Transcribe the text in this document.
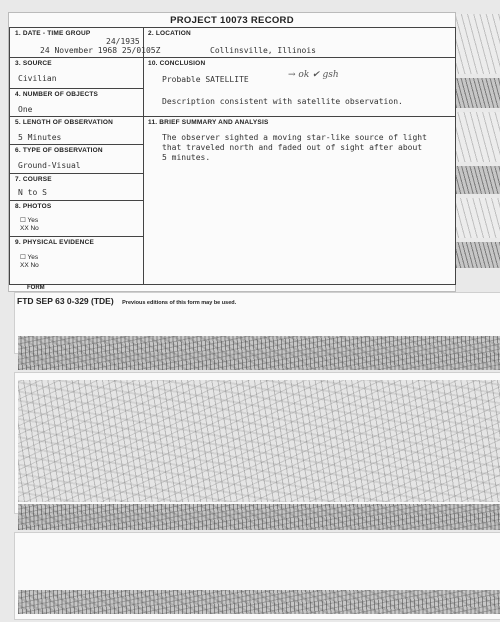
PROJECT 10073 RECORD
1. DATE - TIME GROUP
24/1935
24 November 1968 25/0105Z
2. LOCATION
Collinsville, Illinois
3. SOURCE
Civilian
4. NUMBER OF OBJECTS
One
5. LENGTH OF OBSERVATION
5 Minutes
6. TYPE OF OBSERVATION
Ground-Visual
7. COURSE
N to S
8. PHOTOS
☐ Yes
XX No
9. PHYSICAL EVIDENCE
☐ Yes
XX No
10. CONCLUSION
Probable SATELLITE	→ ok ✔ gsh
Description consistent with satellite observation.
11. BRIEF SUMMARY AND ANALYSIS
The observer sighted a moving star-like source of light
that traveled north and faded out of sight after about
5 minutes.
FORM
FTD SEP 63 0-329 (TDE) Previous editions of this form may be used.
